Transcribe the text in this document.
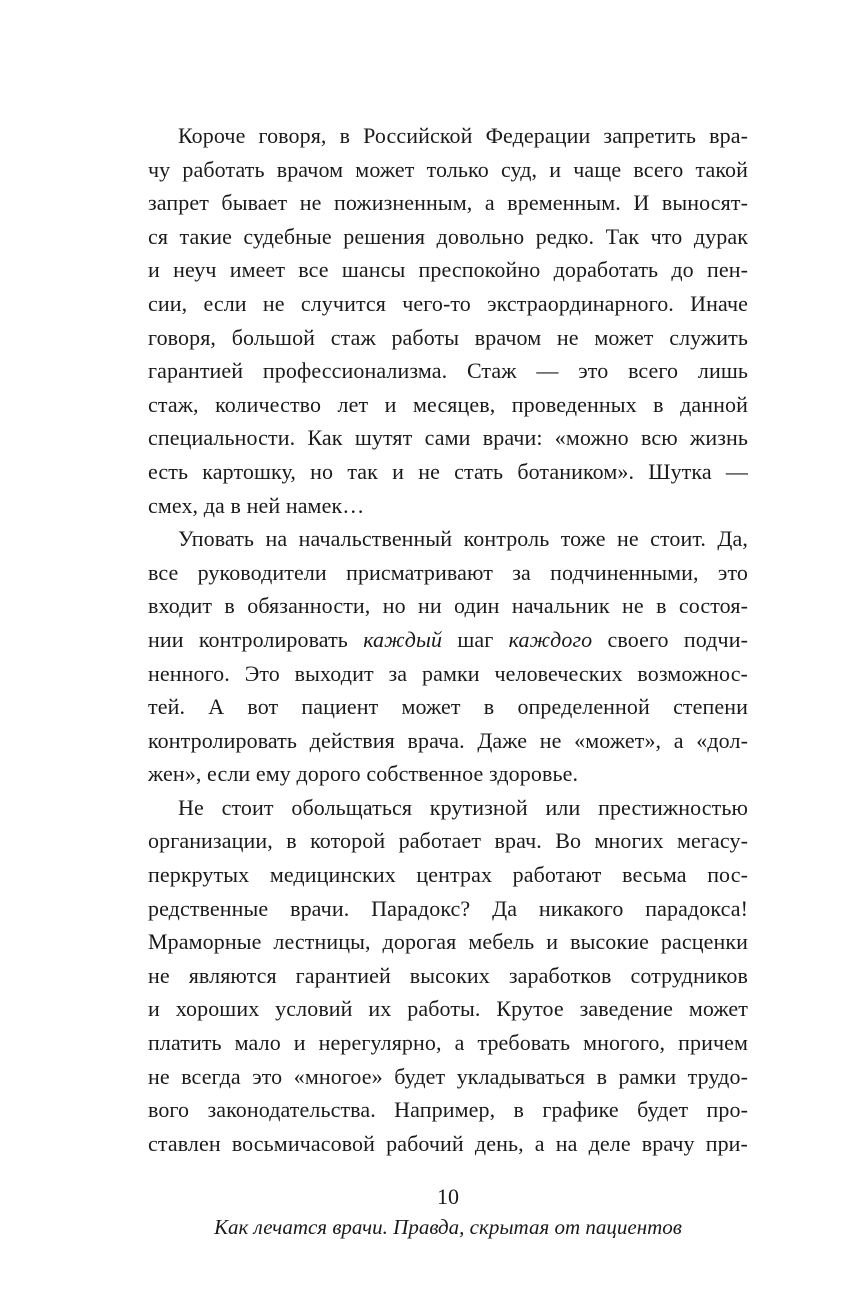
Короче говоря, в Российской Федерации запретить вра-
чу работать врачом может только суд, и чаще всего такой
запрет бывает не пожизненным, а временным. И выносят-
ся такие судебные решения довольно редко. Так что дурак
и неуч имеет все шансы преспокойно доработать до пен-
сии, если не случится чего-то экстраординарного. Иначе
говоря, большой стаж работы врачом не может служить
гарантией профессионализма. Стаж — это всего лишь
стаж, количество лет и месяцев, проведенных в данной
специальности. Как шутят сами врачи: «можно всю жизнь
есть картошку, но так и не стать ботаником». Шутка —
смех, да в ней намек…
Уповать на начальственный контроль тоже не стоит. Да,
все руководители присматривают за подчиненными, это
входит в обязанности, но ни один начальник не в состоя-
нии контролировать каждый шаг каждого своего подчи-
ненного. Это выходит за рамки человеческих возможнос-
тей. А вот пациент может в определенной степени
контролировать действия врача. Даже не «может», а «дол-
жен», если ему дорого собственное здоровье.
Не стоит обольщаться крутизной или престижностью
организации, в которой работает врач. Во многих мегасу-
перкрутых медицинских центрах работают весьма пос-
редственные врачи. Парадокс? Да никакого парадокса!
Мраморные лестницы, дорогая мебель и высокие расценки
не являются гарантией высоких заработков сотрудников
и хороших условий их работы. Крутое заведение может
платить мало и нерегулярно, а требовать многого, причем
не всегда это «многое» будет укладываться в рамки трудо-
вого законодательства. Например, в графике будет про-
ставлен восьмичасовой рабочий день, а на деле врачу при-
10
Как лечатся врачи. Правда, скрытая от пациентов
